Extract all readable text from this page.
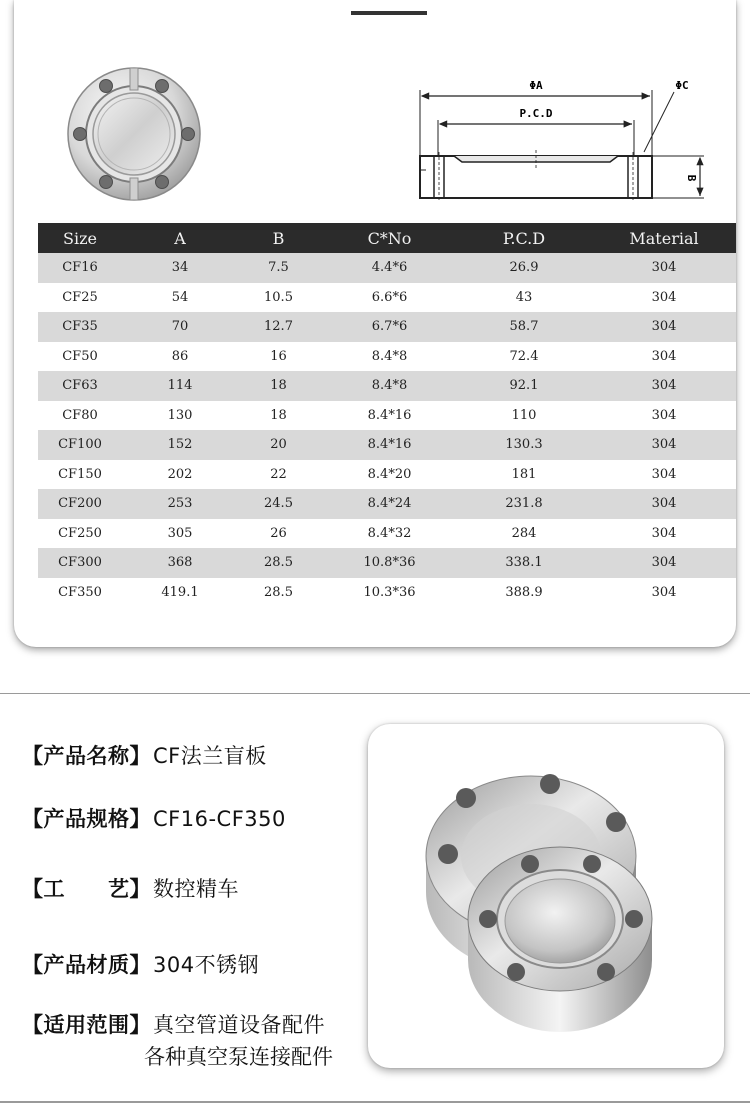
ΦA
P.C.D
ΦC
B
Size	A	B	C*No	P.C.D	Material
CF16	34	7.5	4.4*6	26.9	304
CF25	54	10.5	6.6*6	43	304
CF35	70	12.7	6.7*6	58.7	304
CF50	86	16	8.4*8	72.4	304
CF63	114	18	8.4*8	92.1	304
CF80	130	18	8.4*16	110	304
CF100	152	20	8.4*16	130.3	304
CF150	202	22	8.4*20	181	304
CF200	253	24.5	8.4*24	231.8	304
CF250	305	26	8.4*32	284	304
CF300	368	28.5	10.8*36	338.1	304
CF350	419.1	28.5	10.3*36	388.9	304
【产品名称】CF法兰盲板
【产品规格】CF16-CF350
【工　　艺】数控精车
【产品材质】304不锈钢
【适用范围】真空管道设备配件
各种真空泵连接配件
